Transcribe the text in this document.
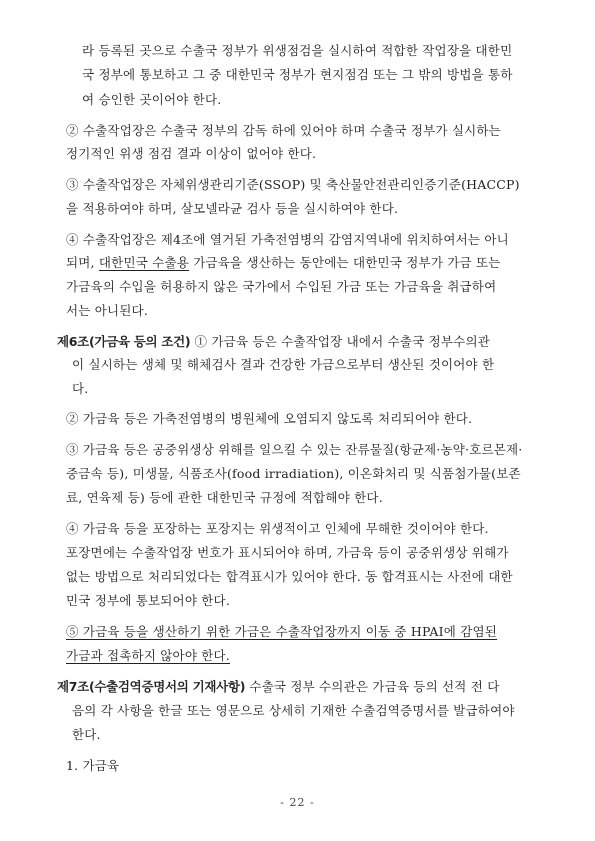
라 등록된 곳으로 수출국 정부가 위생점검을 실시하여 적합한 작업장을 대한민
국 정부에 통보하고 그 중 대한민국 정부가 현지점검 또는 그 밖의 방법을 통하
여 승인한 곳이어야 한다.
② 수출작업장은 수출국 정부의 감독 하에 있어야 하며 수출국 정부가 실시하는
정기적인 위생 점검 결과 이상이 없어야 한다.
③ 수출작업장은 자체위생관리기준(SSOP) 및 축산물안전관리인증기준(HACCP)
을 적용하여야 하며, 살모넬라균 검사 등을 실시하여야 한다.
④ 수출작업장은 제4조에 열거된 가축전염병의 감염지역내에 위치하여서는 아니
되며, 대한민국 수출용 가금육을 생산하는 동안에는 대한민국 정부가 가금 또는
가금육의 수입을 허용하지 않은 국가에서 수입된 가금 또는 가금육을 취급하여
서는 아니된다.
제6조(가금육 등의 조건) ① 가금육 등은 수출작업장 내에서 수출국 정부수의관
이 실시하는 생체 및 해체검사 결과 건강한 가금으로부터 생산된 것이어야 한
다.
② 가금육 등은 가축전염병의 병원체에 오염되지 않도록 처리되어야 한다.
③ 가금육 등은 공중위생상 위해를 일으킬 수 있는 잔류물질(항균제·농약·호르몬제·
중금속 등), 미생물, 식품조사(food irradiation), 이온화처리 및 식품첨가물(보존
료, 연육제 등) 등에 관한 대한민국 규정에 적합해야 한다.
④ 가금육 등을 포장하는 포장지는 위생적이고 인체에 무해한 것이어야 한다.
포장면에는 수출작업장 번호가 표시되어야 하며, 가금육 등이 공중위생상 위해가
없는 방법으로 처리되었다는 합격표시가 있어야 한다. 동 합격표시는 사전에 대한
민국 정부에 통보되어야 한다.
⑤ 가금육 등을 생산하기 위한 가금은 수출작업장까지 이동 중 HPAI에 감염된
가금과 접촉하지 않아야 한다.
제7조(수출검역증명서의 기재사항) 수출국 정부 수의관은 가금육 등의 선적 전 다
- 22 -
음의 각 사항을 한글 또는 영문으로 상세히 기재한 수출검역증명서를 발급하여야
한다.
1. 가금육
